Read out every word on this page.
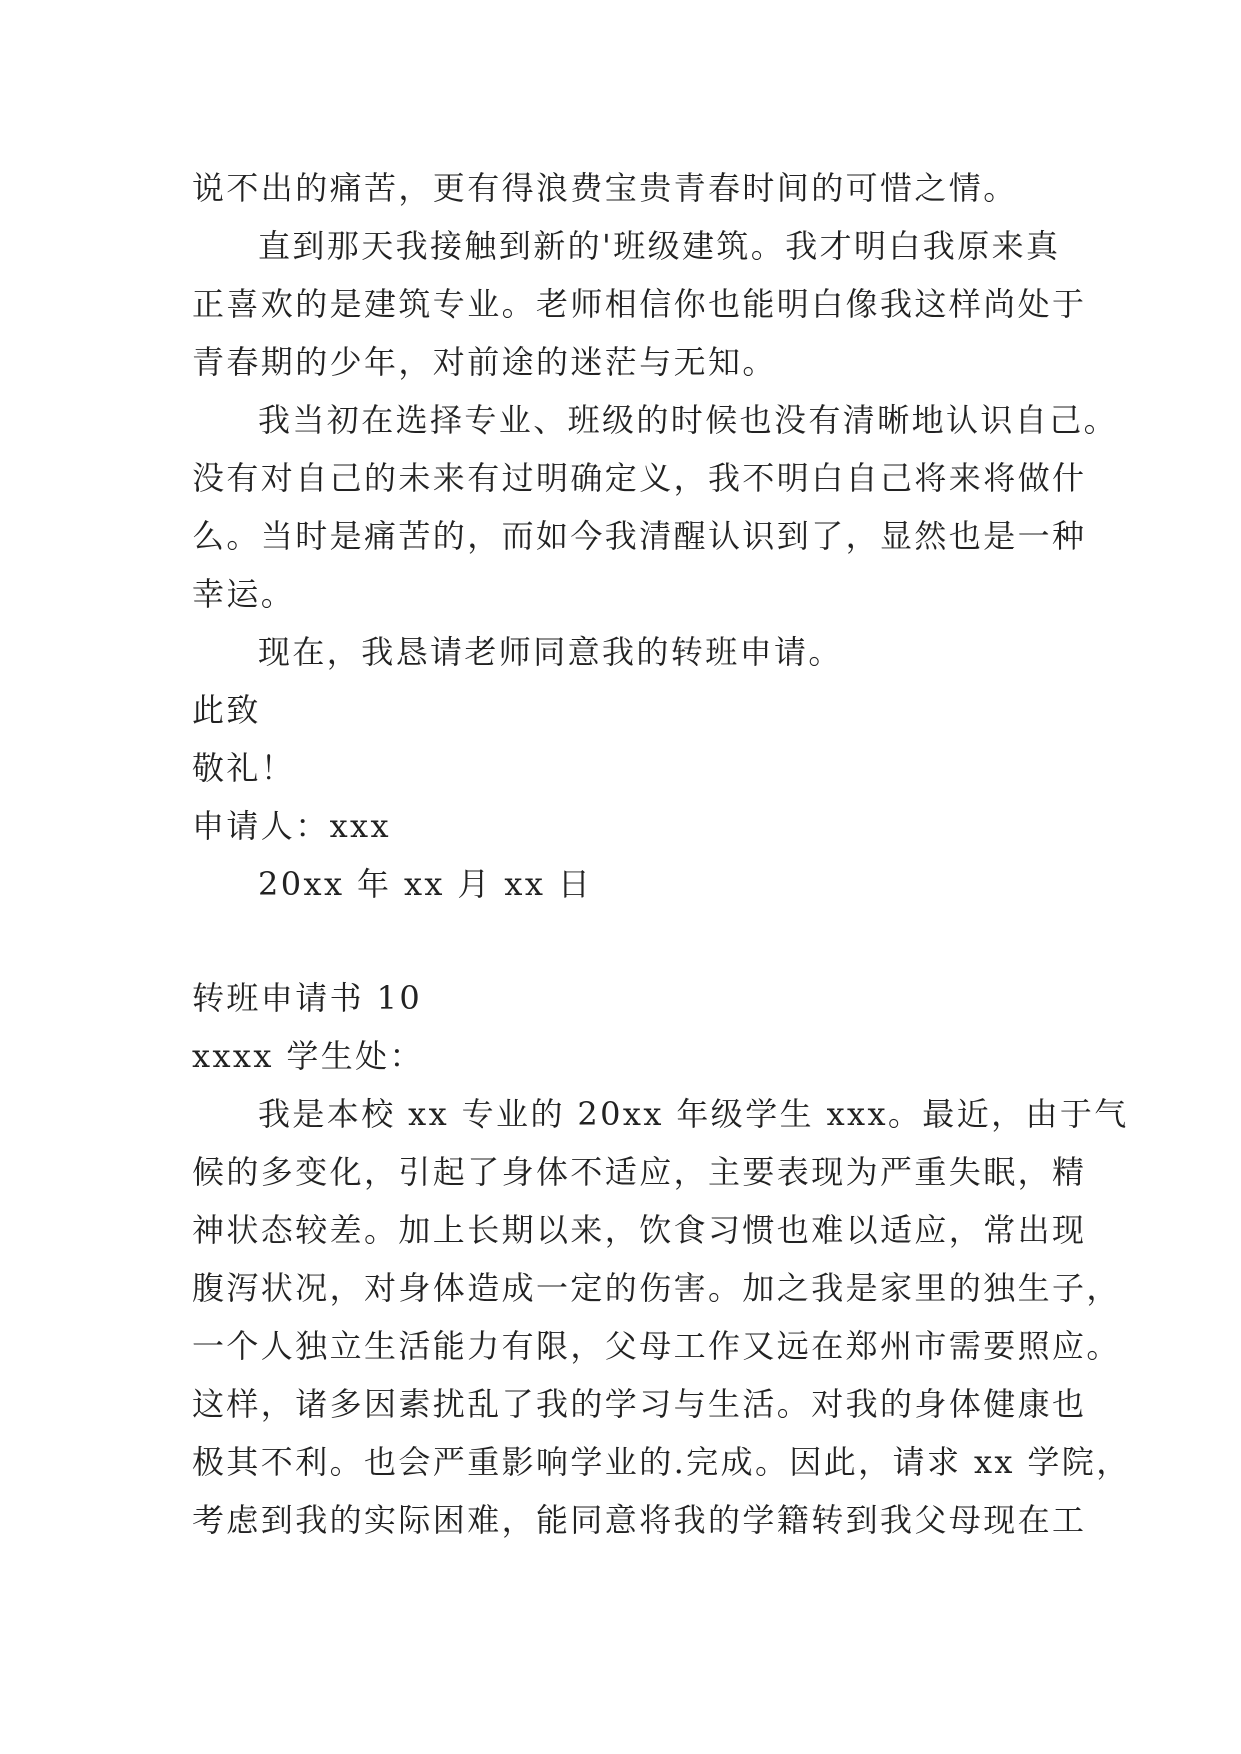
说不出的痛苦，更有得浪费宝贵青春时间的可惜之情。
直到那天我接触到新的'班级建筑。我才明白我原来真
正喜欢的是建筑专业。老师相信你也能明白像我这样尚处于
青春期的少年，对前途的迷茫与无知。
我当初在选择专业、班级的时候也没有清晰地认识自己。
没有对自己的未来有过明确定义，我不明白自己将来将做什
么。当时是痛苦的，而如今我清醒认识到了，显然也是一种
幸运。
现在，我恳请老师同意我的转班申请。
此致
敬礼！
申请人：xxx
20xx 年 xx 月 xx 日
转班申请书 10
xxxx 学生处：
我是本校 xx 专业的 20xx 年级学生 xxx。最近，由于气
候的多变化，引起了身体不适应，主要表现为严重失眠，精
神状态较差。加上长期以来，饮食习惯也难以适应，常出现
腹泻状况，对身体造成一定的伤害。加之我是家里的独生子，
一个人独立生活能力有限，父母工作又远在郑州市需要照应。
这样，诸多因素扰乱了我的学习与生活。对我的身体健康也
极其不利。也会严重影响学业的.完成。因此，请求 xx 学院，
考虑到我的实际困难，能同意将我的学籍转到我父母现在工
